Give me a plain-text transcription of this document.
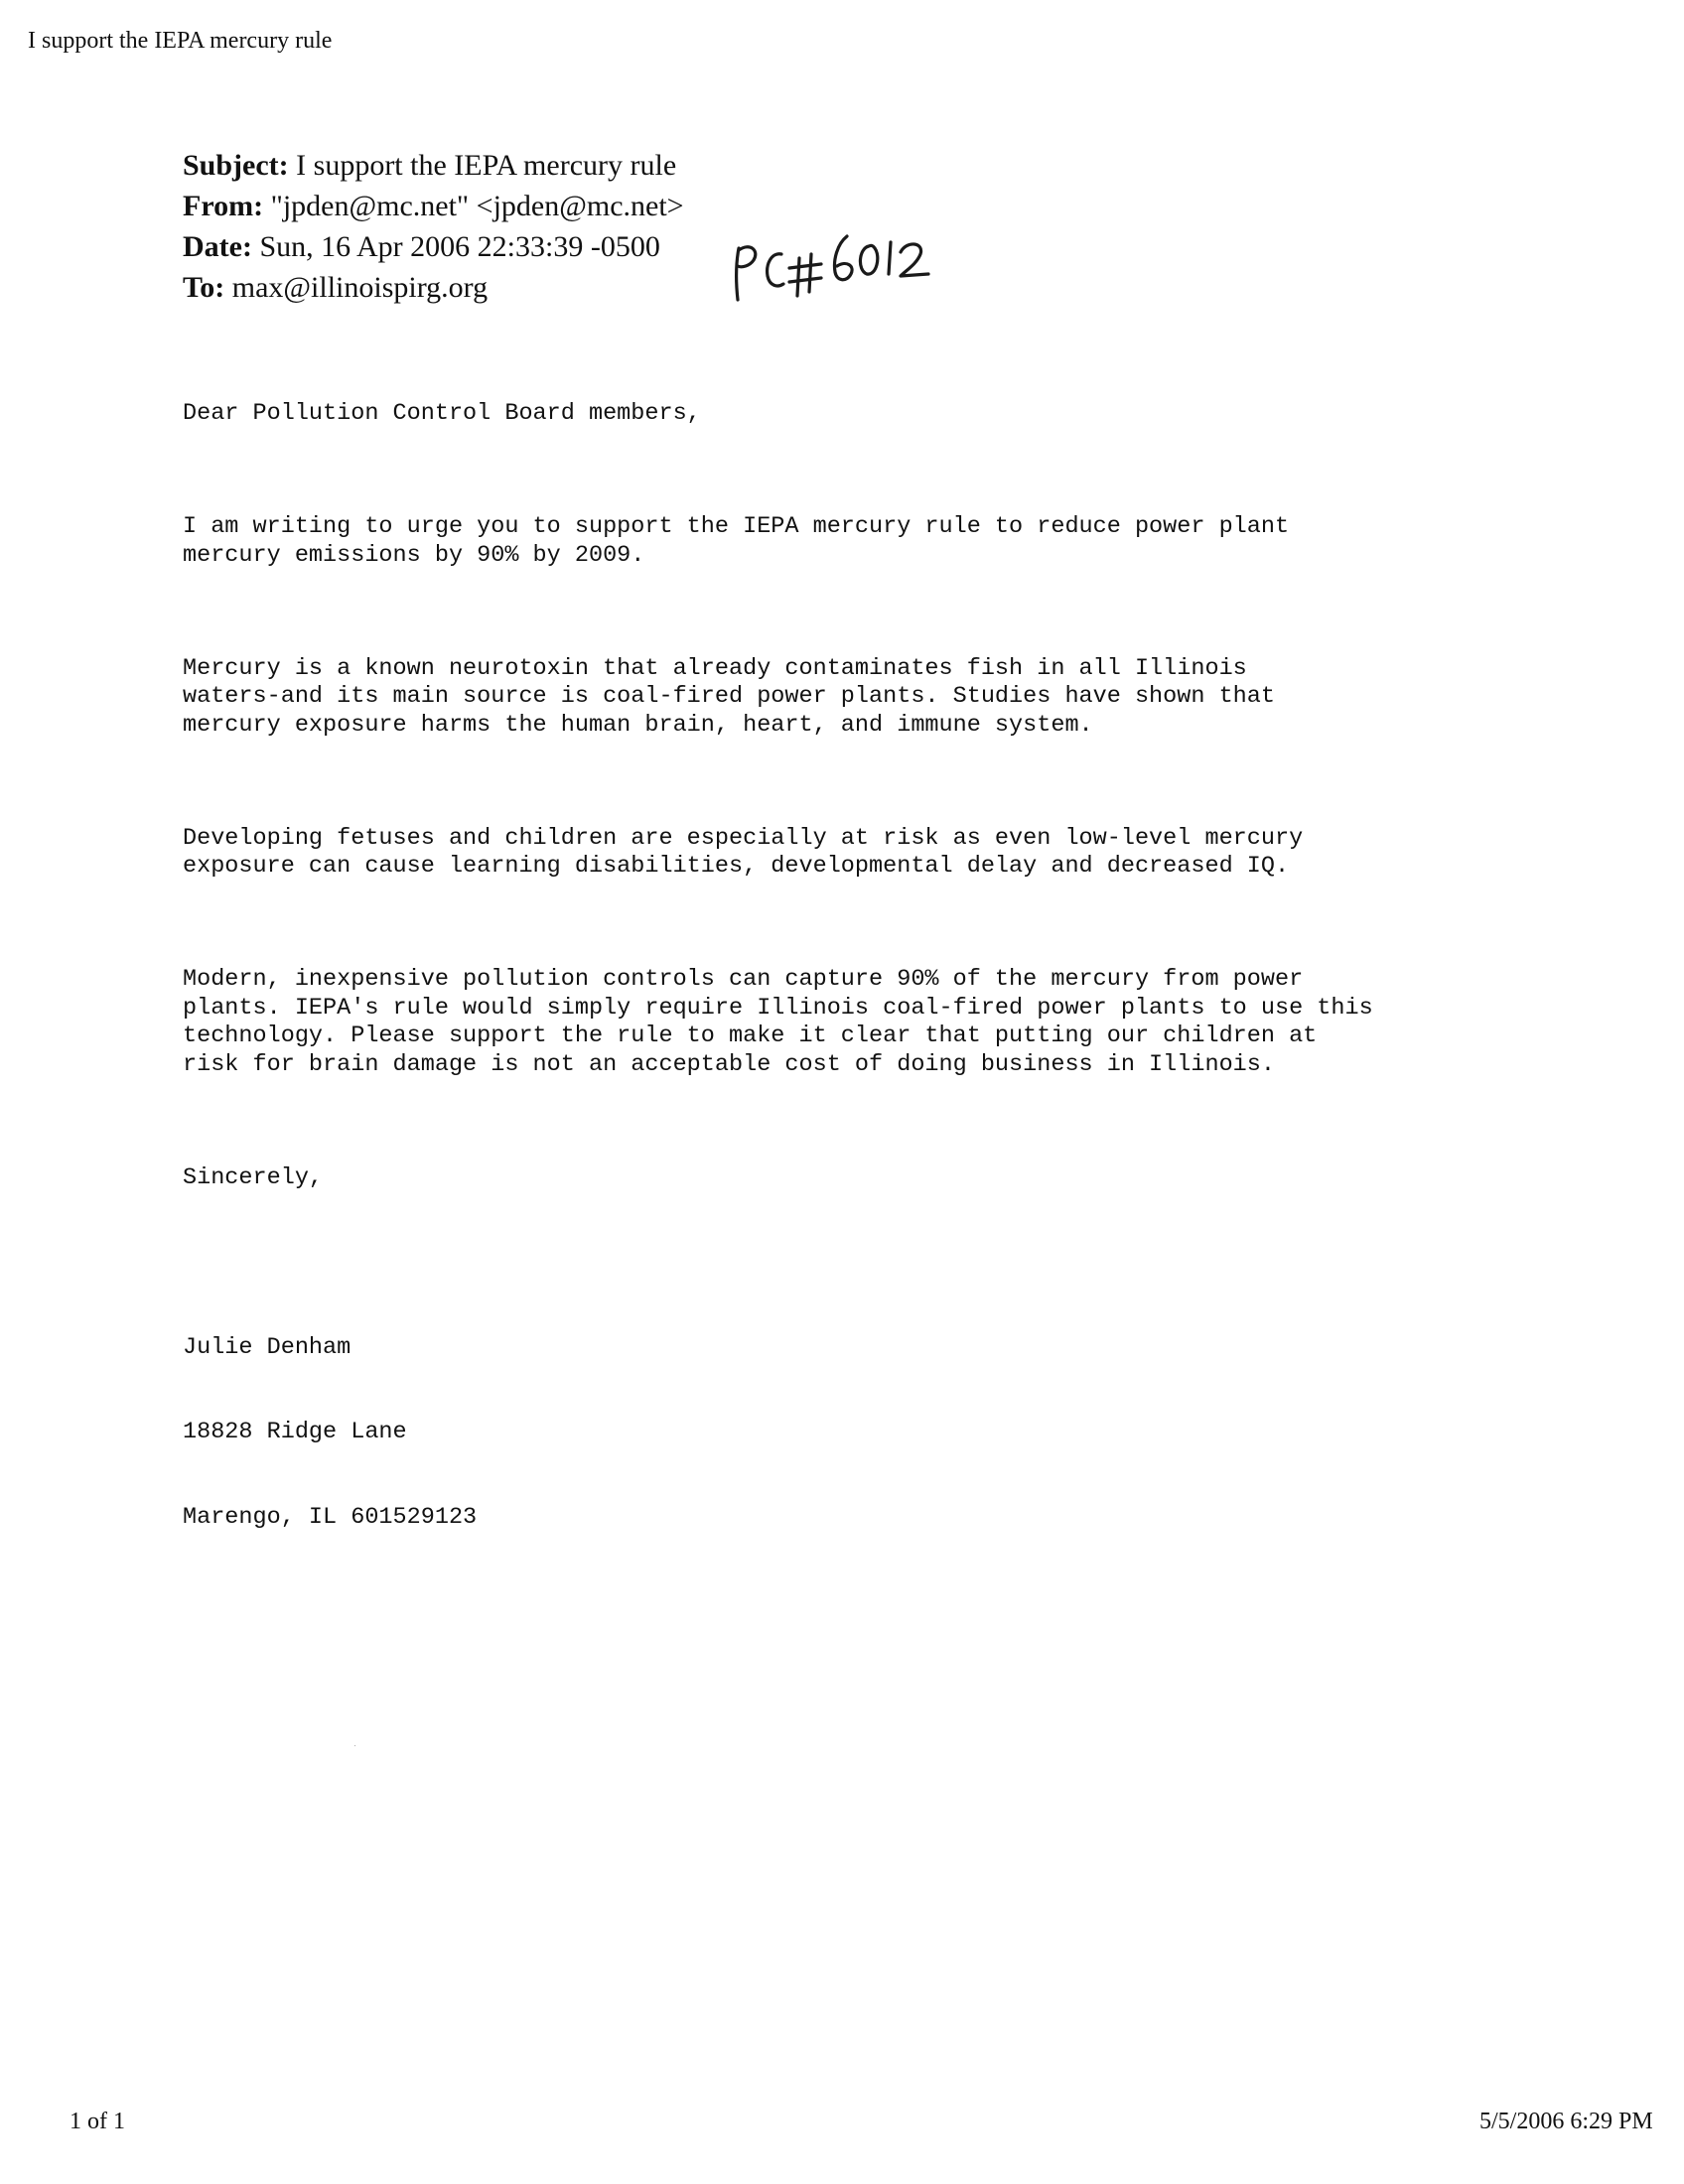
I support the IEPA mercury rule
Subject: I support the IEPA mercury rule
From: "jpden@mc.net" <jpden@mc.net>
Date: Sun, 16 Apr 2006 22:33:39 -0500
To: max@illinoispirg.org

Dear Pollution Control Board members,

I am writing to urge you to support the IEPA mercury rule to reduce power plant
mercury emissions by 90% by 2009.

Mercury is a known neurotoxin that already contaminates fish in all Illinois
waters-and its main source is coal-fired power plants. Studies have shown that
mercury exposure harms the human brain, heart, and immune system.

Developing fetuses and children are especially at risk as even low-level mercury
exposure can cause learning disabilities, developmental delay and decreased IQ.

Modern, inexpensive pollution controls can capture 90% of the mercury from power
plants. IEPA's rule would simply require Illinois coal-fired power plants to use this
technology. Please support the rule to make it clear that putting our children at
risk for brain damage is not an acceptable cost of doing business in Illinois.

Sincerely,

Julie Denham

18828 Ridge Lane

Marengo, IL 601529123

1 of 1	5/5/2006 6:29 PM
